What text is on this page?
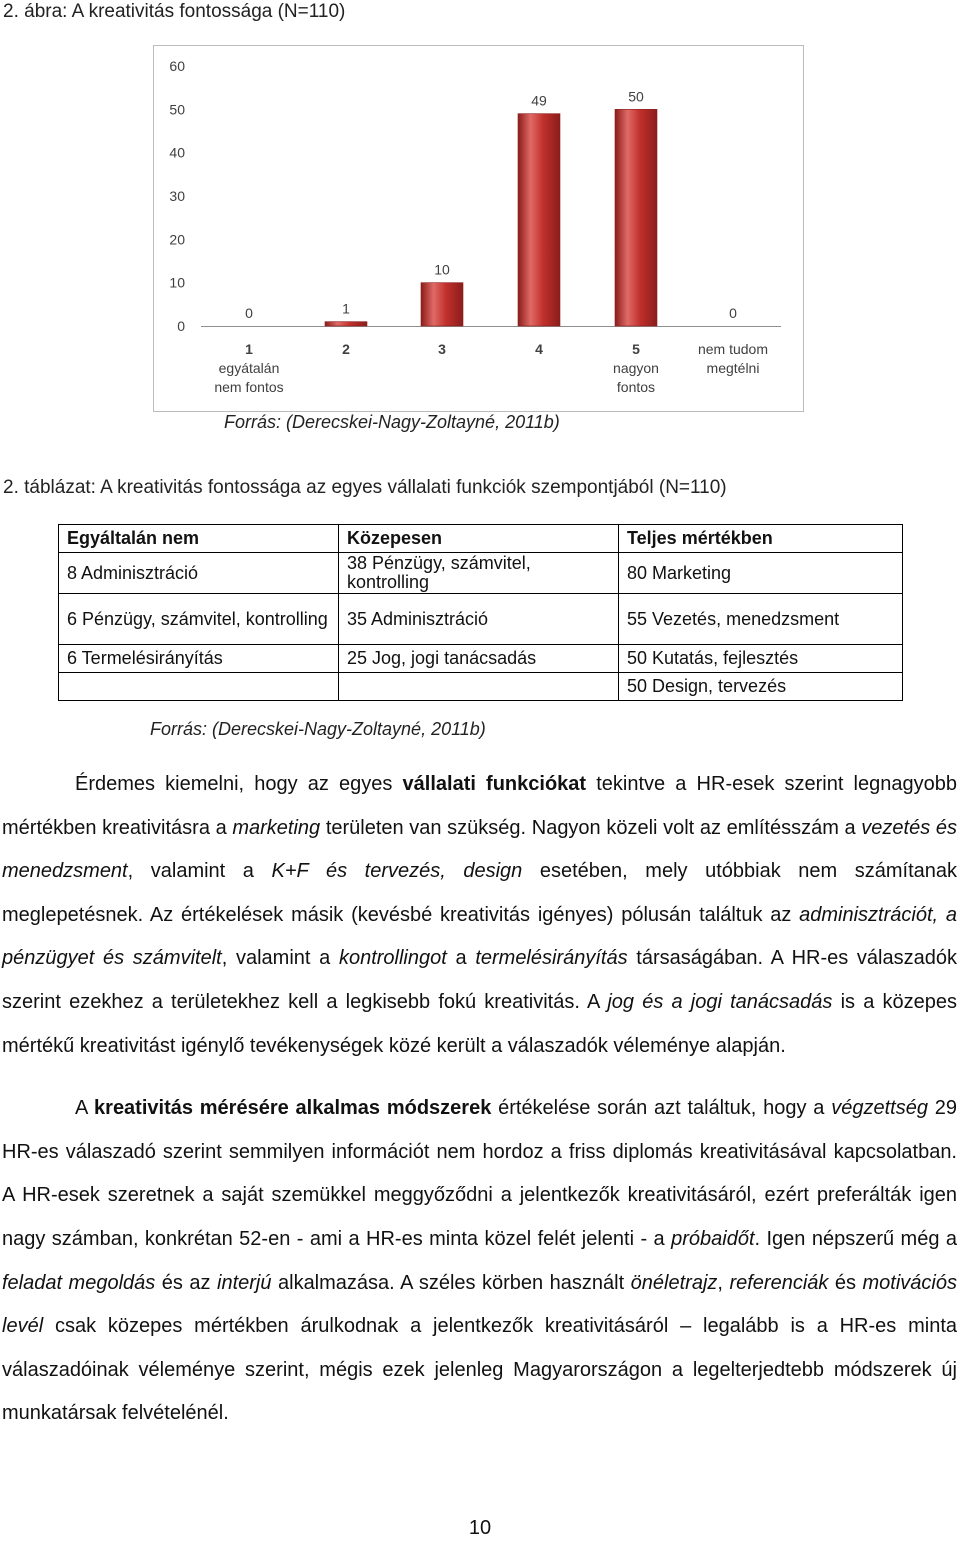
2. ábra: A kreativitás fontossága (N=110)
0
10
20
30
40
50
60
0	1
10
49	50
0
1 egyátalán nem fontos
2	3	4	5 nagyon fontos
nem tudom megtélni
Forrás: (Derecskei-Nagy-Zoltayné, 2011b)
2. táblázat: A kreativitás fontossága az egyes vállalati funkciók szempontjából (N=110)
Egyáltalán nem	Közepesen	Teljes mértékben
8 Adminisztráció	38 Pénzügy, számvitel, kontrolling	80 Marketing
6 Pénzügy, számvitel, kontrolling	35 Adminisztráció	55 Vezetés, menedzsment
6 Termelésirányítás	25 Jog, jogi tanácsadás	50 Kutatás, fejlesztés
		50 Design, tervezés
Forrás: (Derecskei-Nagy-Zoltayné, 2011b)

Érdemes kiemelni, hogy az egyes vállalati funkciókat tekintve a HR-esek szerint legnagyobb mértékben kreativitásra a marketing területen van szükség. Nagyon közeli volt az említésszám a vezetés és menedzsment, valamint a K+F és tervezés, design esetében, mely utóbbiak nem számítanak meglepetésnek. Az értékelések másik (kevésbé kreativitás igényes) pólusán találtuk az adminisztrációt, a pénzügyet és számvitelt, valamint a kontrollingot a termelésirányítás társaságában. A HR-es válaszadók szerint ezekhez a területekhez kell a legkisebb fokú kreativitás. A jog és a jogi tanácsadás is a közepes mértékű kreativitást igénylő tevékenységek közé került a válaszadók véleménye alapján.

A kreativitás mérésére alkalmas módszerek értékelése során azt találtuk, hogy a végzettség 29 HR-es válaszadó szerint semmilyen információt nem hordoz a friss diplomás kreativitásával kapcsolatban. A HR-esek szeretnek a saját szemükkel meggyőződni a jelentkezők kreativitásáról, ezért preferálták igen nagy számban, konkrétan 52-en - ami a HR-es minta közel felét jelenti - a próbaidőt. Igen népszerű még a feladat megoldás és az interjú alkalmazása. A széles körben használt önéletrajz, referenciák és motivációs levél csak közepes mértékben árulkodnak a jelentkezők kreativitásáról – legalább is a HR-es minta válaszadóinak véleménye szerint, mégis ezek jelenleg Magyarországon a legelterjedtebb módszerek új munkatársak felvételénél.

10
